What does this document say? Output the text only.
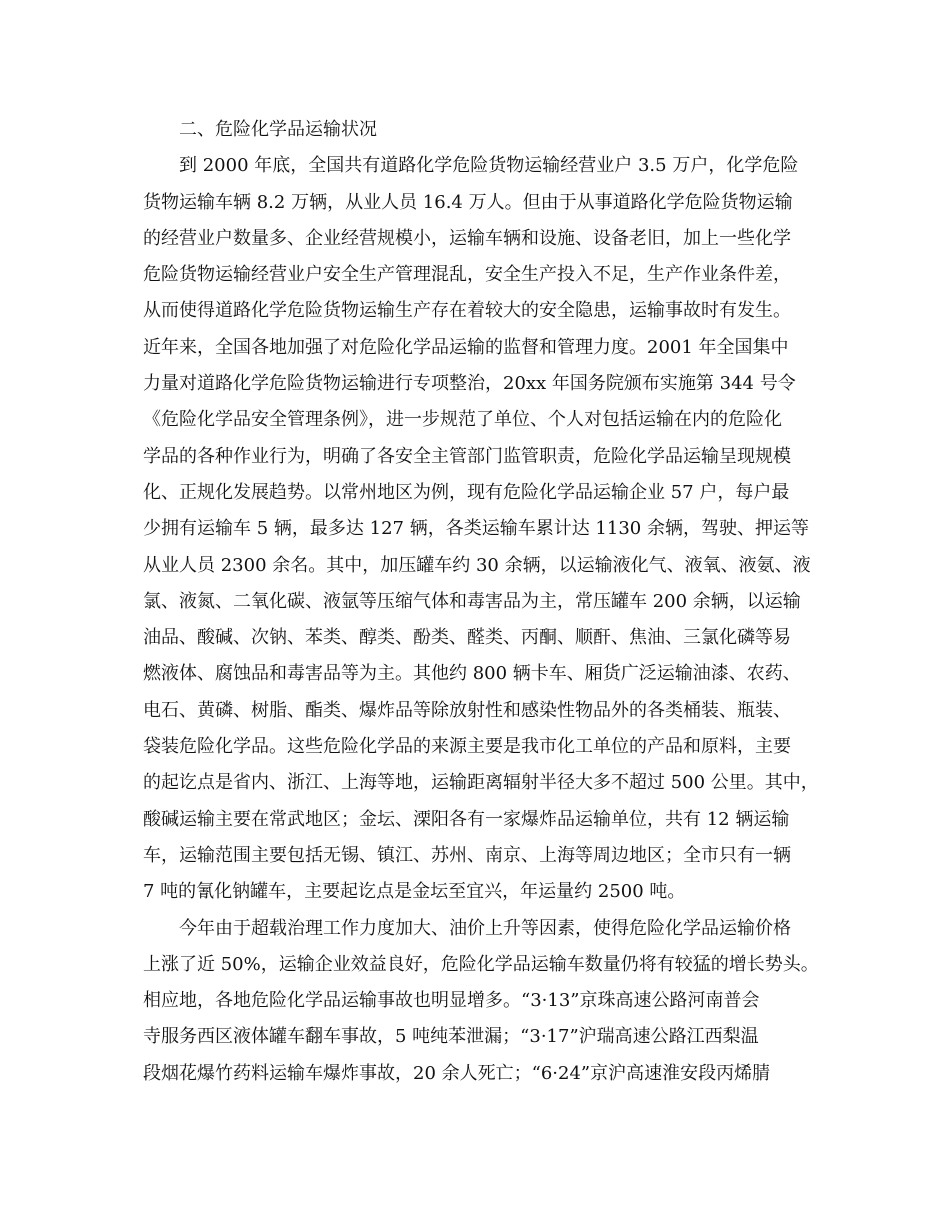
二、危险化学品运输状况
到 2000 年底，全国共有道路化学危险货物运输经营业户 3.5 万户，化学危险
货物运输车辆 8.2 万辆，从业人员 16.4 万人。但由于从事道路化学危险货物运输
的经营业户数量多、企业经营规模小，运输车辆和设施、设备老旧，加上一些化学
危险货物运输经营业户安全生产管理混乱，安全生产投入不足，生产作业条件差，
从而使得道路化学危险货物运输生产存在着较大的安全隐患，运输事故时有发生。
近年来，全国各地加强了对危险化学品运输的监督和管理力度。2001 年全国集中
力量对道路化学危险货物运输进行专项整治，20xx 年国务院颁布实施第 344 号令
《危险化学品安全管理条例》，进一步规范了单位、个人对包括运输在内的危险化
学品的各种作业行为，明确了各安全主管部门监管职责，危险化学品运输呈现规模
化、正规化发展趋势。以常州地区为例，现有危险化学品运输企业 57 户，每户最
少拥有运输车 5 辆，最多达 127 辆，各类运输车累计达 1130 余辆，驾驶、押运等
从业人员 2300 余名。其中，加压罐车约 30 余辆，以运输液化气、液氧、液氨、液
氯、液氮、二氧化碳、液氩等压缩气体和毒害品为主，常压罐车 200 余辆，以运输
油品、酸碱、次钠、苯类、醇类、酚类、醛类、丙酮、顺酐、焦油、三氯化磷等易
燃液体、腐蚀品和毒害品等为主。其他约 800 辆卡车、厢货广泛运输油漆、农药、
电石、黄磷、树脂、酯类、爆炸品等除放射性和感染性物品外的各类桶装、瓶装、
袋装危险化学品。这些危险化学品的来源主要是我市化工单位的产品和原料，主要
的起讫点是省内、浙江、上海等地，运输距离辐射半径大多不超过 500 公里。其中，
酸碱运输主要在常武地区；金坛、溧阳各有一家爆炸品运输单位，共有 12 辆运输
车，运输范围主要包括无锡、镇江、苏州、南京、上海等周边地区；全市只有一辆
7 吨的氰化钠罐车，主要起讫点是金坛至宜兴，年运量约 2500 吨。
今年由于超载治理工作力度加大、油价上升等因素，使得危险化学品运输价格
上涨了近 50%，运输企业效益良好，危险化学品运输车数量仍将有较猛的增长势头。
相应地，各地危险化学品运输事故也明显增多。“3·13”京珠高速公路河南普会
寺服务西区液体罐车翻车事故，5 吨纯苯泄漏；“3·17”沪瑞高速公路江西梨温
段烟花爆竹药料运输车爆炸事故，20 余人死亡；“6·24”京沪高速淮安段丙烯腈
